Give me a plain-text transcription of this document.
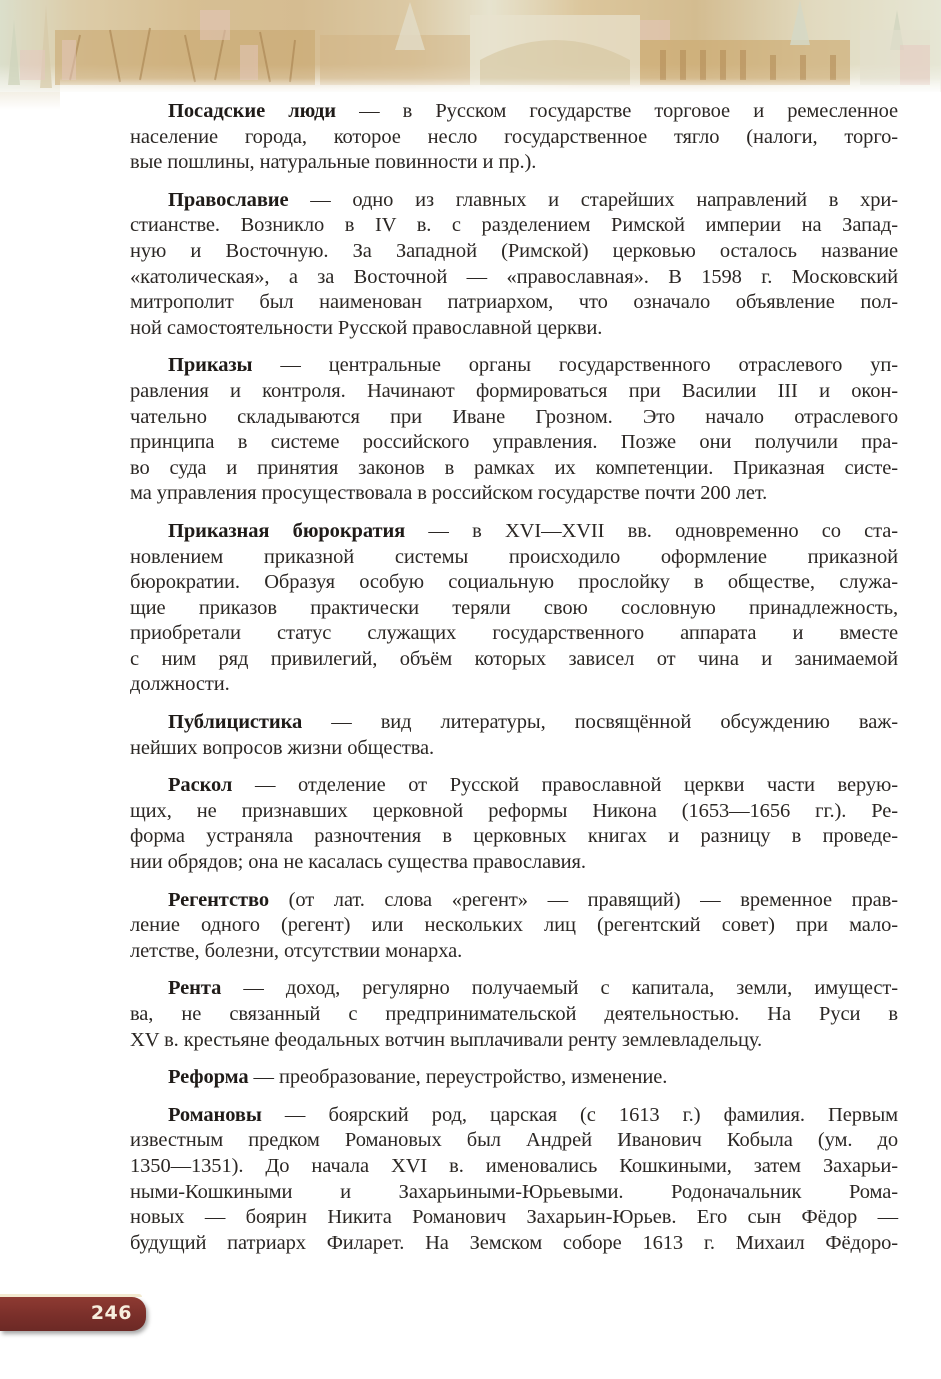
Посадские люди — в Русском государстве торговое и ремесленное
население города, которое несло государственное тягло (налоги, торго-
вые пошлины, натуральные повинности и пр.).
Православие — одно из главных и старейших направлений в хри-
стианстве. Возникло в IV в. с разделением Римской империи на Запад-
ную и Восточную. За Западной (Римской) церковью осталось название
«католическая», а за Восточной — «православная». В 1598 г. Московский
митрополит был наименован патриархом, что означало объявление пол-
ной самостоятельности Русской православной церкви.
Приказы — центральные органы государственного отраслевого уп-
равления и контроля. Начинают формироваться при Василии III и окон-
чательно складываются при Иване Грозном. Это начало отраслевого
принципа в системе российского управления. Позже они получили пра-
во суда и принятия законов в рамках их компетенции. Приказная систе-
ма управления просуществовала в российском государстве почти 200 лет.
Приказная бюрократия — в XVI—XVII вв. одновременно со ста-
новлением приказной системы происходило оформление приказной
бюрократии. Образуя особую социальную прослойку в обществе, служа-
щие приказов практически теряли свою сословную принадлежность,
приобретали статус служащих государственного аппарата и вместе
с ним ряд привилегий, объём которых зависел от чина и занимаемой
должности.
Публицистика — вид литературы, посвящённой обсуждению важ-
нейших вопросов жизни общества.
Раскол — отделение от Русской православной церкви части верую-
щих, не признавших церковной реформы Никона (1653—1656 гг.). Ре-
форма устраняла разночтения в церковных книгах и разницу в проведе-
нии обрядов; она не касалась существа православия.
Регентство (от лат. слова «регент» — правящий) — временное прав-
ление одного (регент) или нескольких лиц (регентский совет) при мало-
летстве, болезни, отсутствии монарха.
Рента — доход, регулярно получаемый с капитала, земли, имущест-
ва, не связанный с предпринимательской деятельностью. На Руси в
XV в. крестьяне феодальных вотчин выплачивали ренту землевладельцу.
Реформа — преобразование, переустройство, изменение.
Романовы — боярский род, царская (с 1613 г.) фамилия. Первым
известным предком Романовых был Андрей Иванович Кобыла (ум. до
1350—1351). До начала XVI в. именовались Кошкиными, затем Захарьи-
ными-Кошкиными и Захарьиными-Юрьевыми. Родоначальник Рома-
новых — боярин Никита Романович Захарьин-Юрьев. Его сын Фёдор —
будущий патриарх Филарет. На Земском соборе 1613 г. Михаил Фёдоро-
246
